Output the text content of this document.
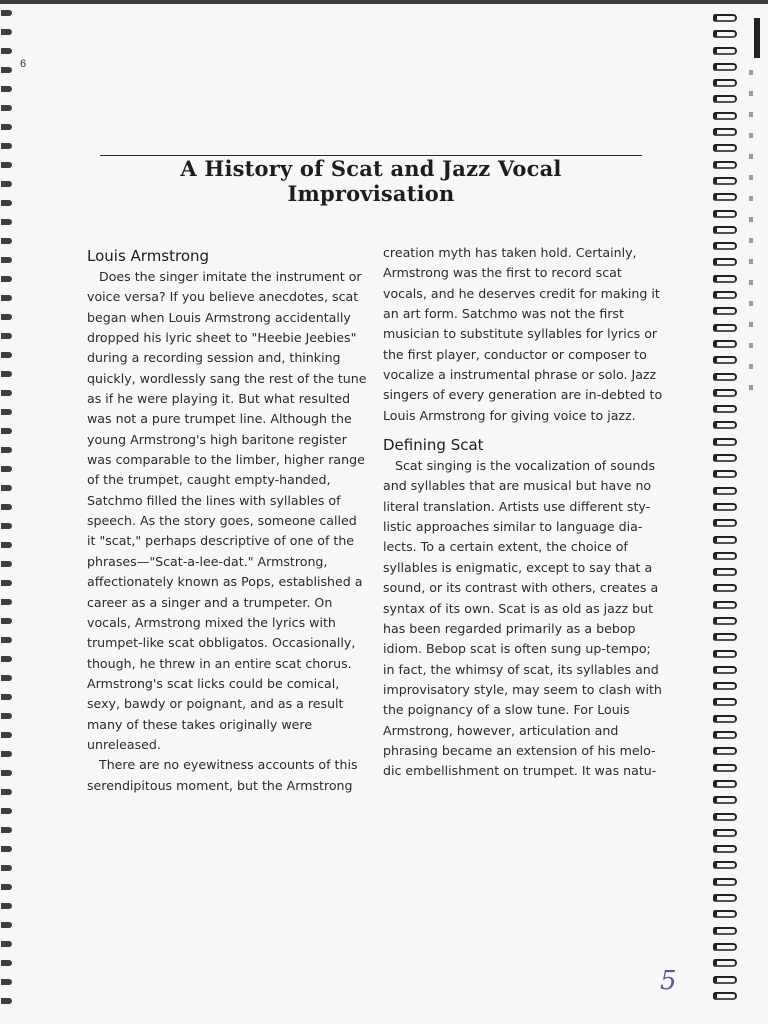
6
A History of Scat and Jazz Vocal Improvisation
Louis Armstrong
Does the singer imitate the instrument or
voice versa? If you believe anecdotes, scat
began when Louis Armstrong accidentally
dropped his lyric sheet to "Heebie Jeebies"
during a recording session and, thinking
quickly, wordlessly sang the rest of the tune
as if he were playing it. But what resulted
was not a pure trumpet line. Although the
young Armstrong's high baritone register
was comparable to the limber, higher range
of the trumpet, caught empty-handed,
Satchmo filled the lines with syllables of
speech. As the story goes, someone called
it "scat," perhaps descriptive of one of the
phrases—"Scat-a-lee-dat." Armstrong,
affectionately known as Pops, established a
career as a singer and a trumpeter. On
vocals, Armstrong mixed the lyrics with
trumpet-like scat obbligatos. Occasionally,
though, he threw in an entire scat chorus.
Armstrong's scat licks could be comical,
sexy, bawdy or poignant, and as a result
many of these takes originally were
unreleased.
There are no eyewitness accounts of this
serendipitous moment, but the Armstrong
creation myth has taken hold. Certainly,
Armstrong was the first to record scat
vocals, and he deserves credit for making it
an art form. Satchmo was not the first
musician to substitute syllables for lyrics or
the first player, conductor or composer to
vocalize a instrumental phrase or solo. Jazz
singers of every generation are in-debted to
Louis Armstrong for giving voice to jazz.
Defining Scat
Scat singing is the vocalization of sounds
and syllables that are musical but have no
literal translation. Artists use different sty-
listic approaches similar to language dia-
lects. To a certain extent, the choice of
syllables is enigmatic, except to say that a
sound, or its contrast with others, creates a
syntax of its own. Scat is as old as jazz but
has been regarded primarily as a bebop
idiom. Bebop scat is often sung up-tempo;
in fact, the whimsy of scat, its syllables and
improvisatory style, may seem to clash with
the poignancy of a slow tune. For Louis
Armstrong, however, articulation and
phrasing became an extension of his melo-
dic embellishment on trumpet. It was natu-
5
